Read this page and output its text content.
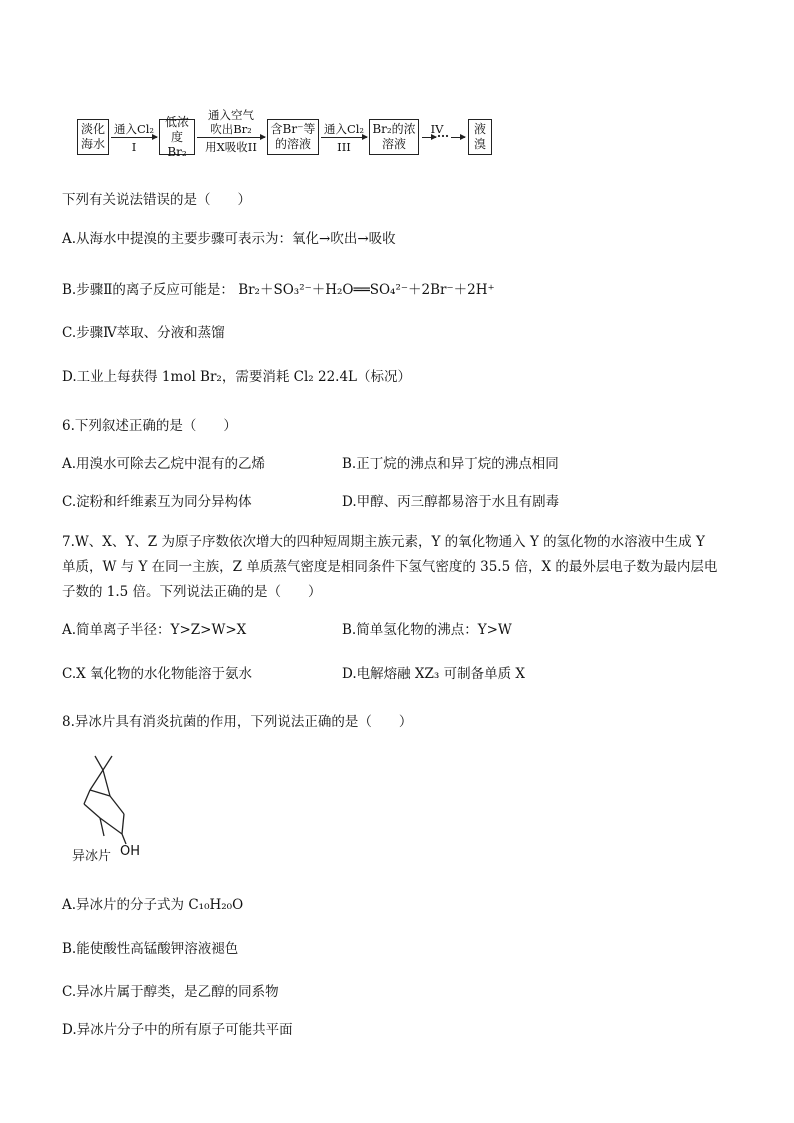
淡化海水
通入Cl₂
I
低浓度Br₂
通入空气
吹出Br₂
用X吸收II
含Br⁻等的溶液
通入Cl₂
III
Br₂的浓溶液
IV
··· 液溴
下列有关说法错误的是（　　）
A.从海水中提溴的主要步骤可表示为：氧化→吹出→吸收
B.步骤Ⅱ的离子反应可能是： Br₂＋SO₃²⁻＋H₂O══SO₄²⁻＋2Br⁻＋2H⁺
C.步骤Ⅳ萃取、分液和蒸馏
D.工业上每获得 1mol Br₂，需要消耗 Cl₂ 22.4L（标况）
6.下列叙述正确的是（　　）
A.用溴水可除去乙烷中混有的乙烯	B.正丁烷的沸点和异丁烷的沸点相同
C.淀粉和纤维素互为同分异构体	D.甲醇、丙三醇都易溶于水且有剧毒
7.W、X、Y、Z 为原子序数依次增大的四种短周期主族元素，Y 的氧化物通入 Y 的氢化物的水溶液中生成 Y
单质，W 与 Y 在同一主族，Z 单质蒸气密度是相同条件下氢气密度的 35.5 倍，X 的最外层电子数为最内层电
子数的 1.5 倍。下列说法正确的是（　　）
A.简单离子半径：Y>Z>W>X	B.简单氢化物的沸点：Y>W
C.X 氧化物的水化物能溶于氨水	D.电解熔融 XZ₃ 可制备单质 X
8.异冰片具有消炎抗菌的作用，下列说法正确的是（　　）
异冰片 OH
A.异冰片的分子式为 C₁₀H₂₀O
B.能使酸性高锰酸钾溶液褪色
C.异冰片属于醇类，是乙醇的同系物
D.异冰片分子中的所有原子可能共平面
